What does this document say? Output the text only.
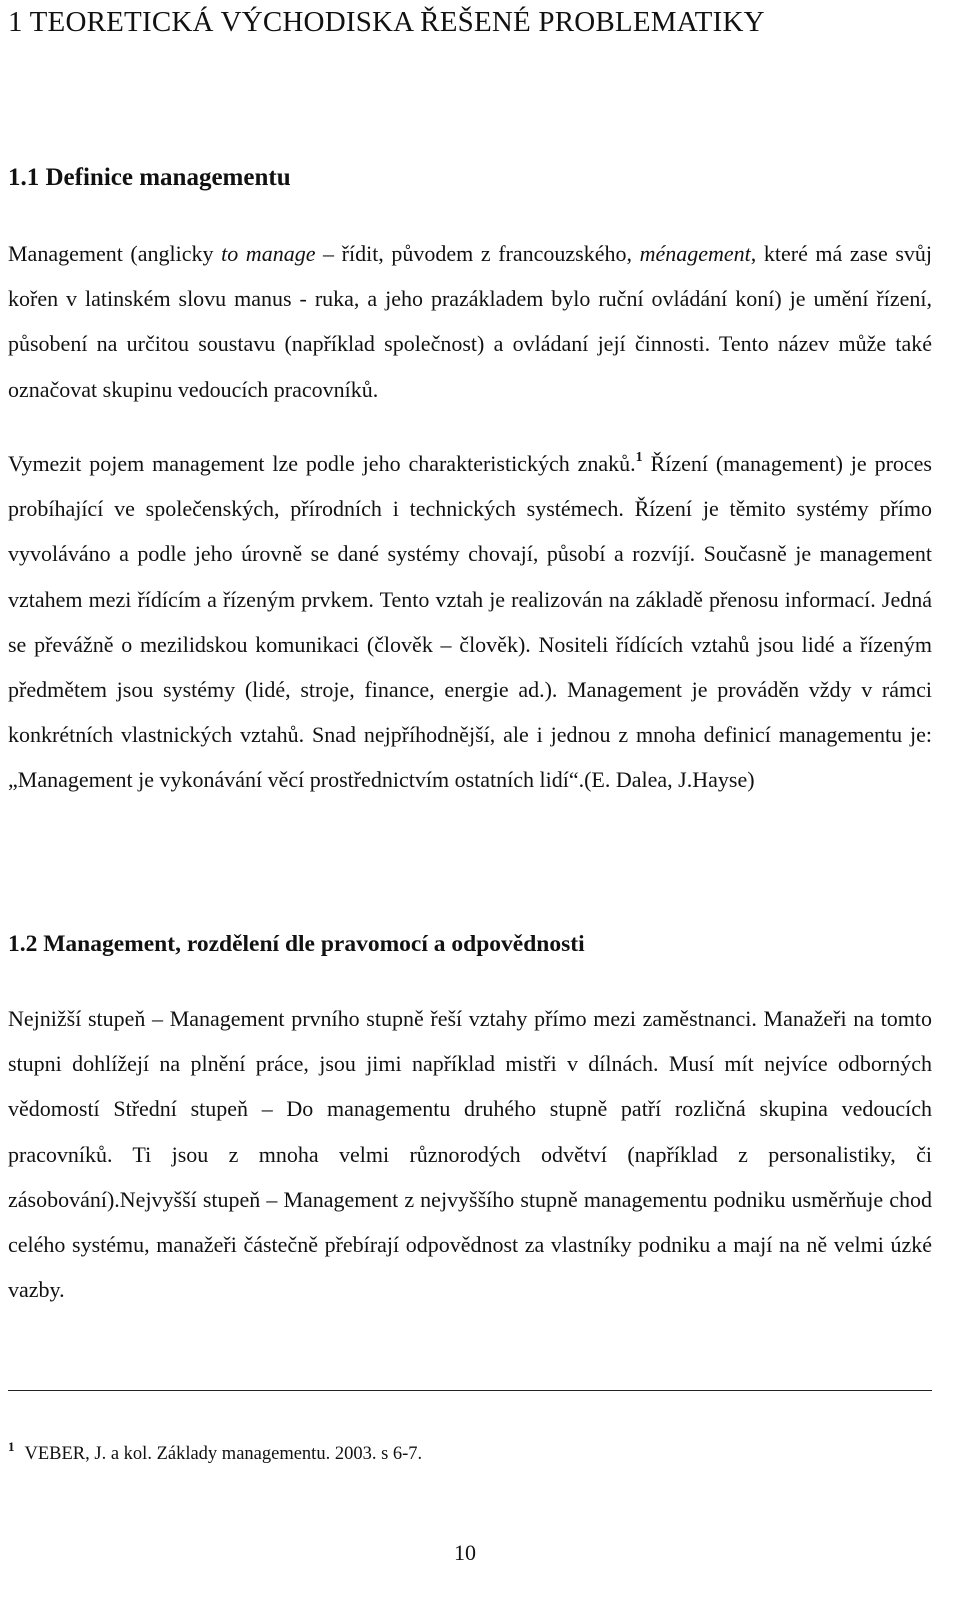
1 TEORETICKÁ VÝCHODISKA ŘEŠENÉ PROBLEMATIKY
1.1 Definice managementu
Management (anglicky to manage – řídit, původem z francouzského, ménagement, které má zase svůj kořen v latinském slovu manus - ruka, a jeho prazákladem bylo ruční ovládání koní) je umění řízení, působení na určitou soustavu (například společnost) a ovládaní její činnosti. Tento název může také označovat skupinu vedoucích pracovníků.
Vymezit pojem management lze podle jeho charakteristických znaků.$^1$ Řízení (management) je proces probíhající ve společenských, přírodních i technických systémech. Řízení je těmito systémy přímo vyvoláváno a podle jeho úrovně se dané systémy chovají, působí a rozvíjí. Současně je management vztahem mezi řídícím a řízeným prvkem. Tento vztah je realizován na základě přenosu informací. Jedná se převážně o mezilidskou komunikaci (člověk – člověk). Nositeli řídících vztahů jsou lidé a řízeným předmětem jsou systémy (lidé, stroje, finance, energie ad.). Management je prováděn vždy v rámci konkrétních vlastnických vztahů. Snad nejpříhodnější, ale i jednou z mnoha definicí managementu je: „Management je vykonávání věcí prostřednictvím ostatních lidí“.(E. Dalea, J.Hayse)
1.2 Management, rozdělení dle pravomocí a odpovědnosti
Nejnižší stupeň – Management prvního stupně řeší vztahy přímo mezi zaměstnanci. Manažeři na tomto stupni dohlížejí na plnění práce, jsou jimi například mistři v dílnách. Musí mít nejvíce odborných vědomostí Střední stupeň – Do managementu druhého stupně patří rozličná skupina vedoucích pracovníků. Ti jsou z mnoha velmi různorodých odvětví (například z personalistiky, či zásobování).Nejvyšší stupeň – Management z nejvyššího stupně managementu podniku usměrňuje chod celého systému, manažeři částečně přebírají odpovědnost za vlastníky podniku a mají na ně velmi úzké vazby.
$^1$ VEBER, J. a kol. Základy managementu. 2003. s 6-7.
10
